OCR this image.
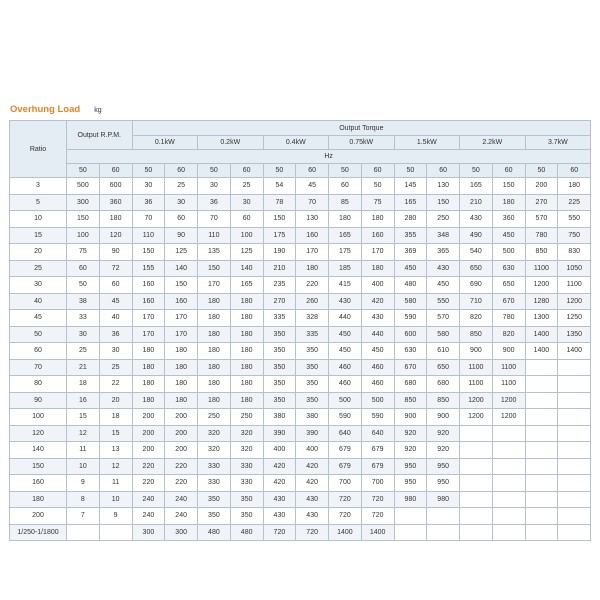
Overhung Load kg
Ratio	Output R.P.M.		Output Torque													
			0.1kW		0.2kW		0.4kW		0.75kW		1.5kW		2.2kW		3.7kW	
	Hz															
	50	60	50	60	50	60	50	60	50	60	50	60	50	60	50	60
3	500	600	30	25	30	25	54	45	60	50	145	130	165	150	200	180
5	300	360	36	30	36	30	78	70	85	75	165	150	210	180	270	225
10	150	180	70	60	70	60	150	130	180	180	280	250	430	360	570	550
15	100	120	110	90	110	100	175	160	165	160	355	348	490	450	780	750
20	75	90	150	125	135	125	190	170	175	170	369	365	540	500	850	830
25	60	72	155	140	150	140	210	180	185	180	450	430	650	630	1100	1050
30	50	60	160	150	170	165	235	220	415	400	480	450	690	650	1200	1100
40	38	45	160	160	180	180	270	260	430	420	580	550	710	670	1280	1200
45	33	40	170	170	180	180	335	328	440	430	590	570	820	780	1300	1250
50	30	36	170	170	180	180	350	335	450	440	600	580	850	820	1400	1350
60	25	30	180	180	180	180	350	350	450	450	630	610	900	900	1400	1400
70	21	25	180	180	180	180	350	350	460	460	670	650	1100	1100		
80	18	22	180	180	180	180	350	350	460	460	680	680	1100	1100		
90	16	20	180	180	180	180	350	350	500	500	850	850	1200	1200		
100	15	18	200	200	250	250	380	380	590	590	900	900	1200	1200		
120	12	15	200	200	320	320	390	390	640	640	920	920				
140	11	13	200	200	320	320	400	400	679	679	920	920				
150	10	12	220	220	330	330	420	420	679	679	950	950				
160	9	11	220	220	330	330	420	420	700	700	950	950				
180	8	10	240	240	350	350	430	430	720	720	980	980				
200	7	9	240	240	350	350	430	430	720	720						
1/250-1/1800			300	300	480	480	720	720	1400	1400						
